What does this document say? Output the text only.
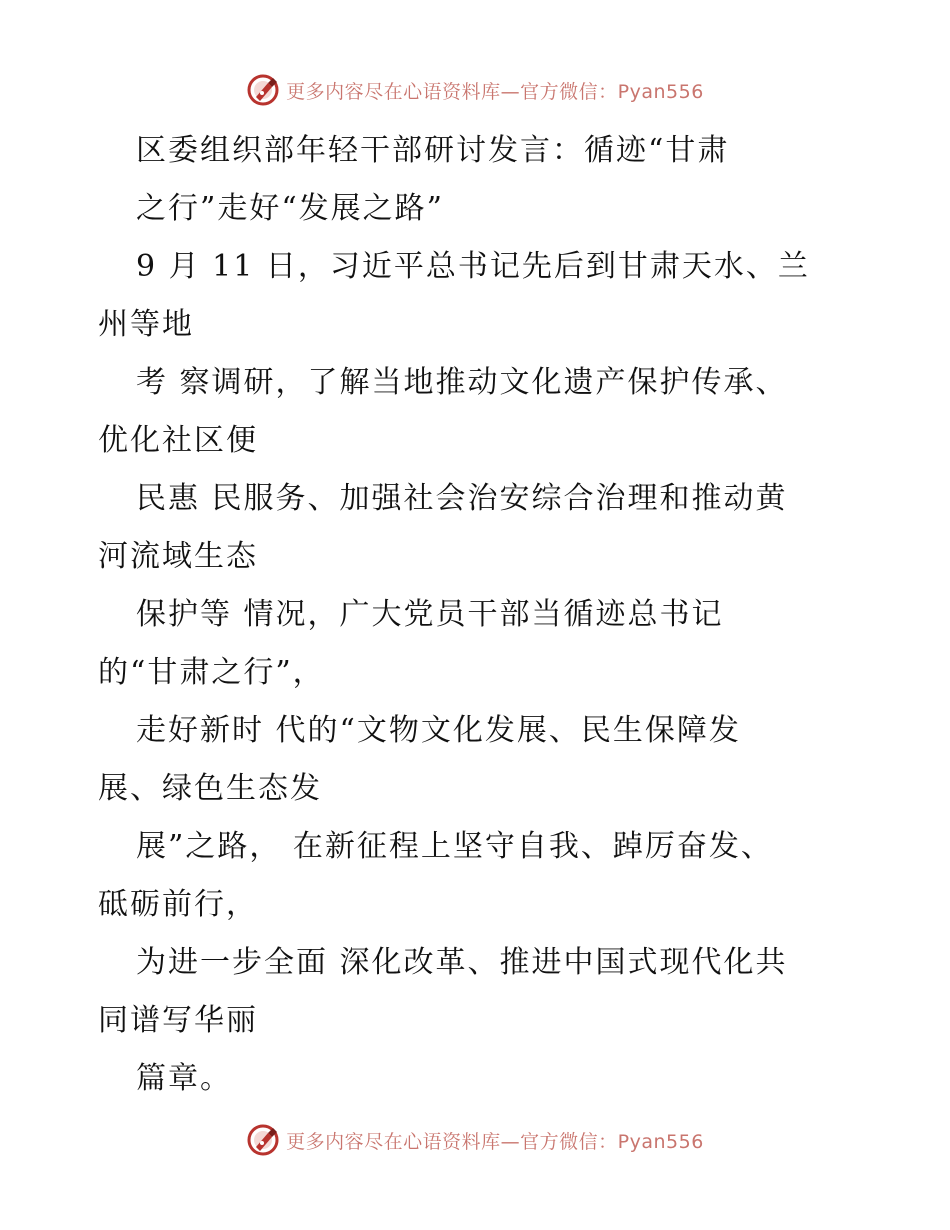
更多内容尽在心语资料库—官方微信：Pyan556
区委组织部年轻干部研讨发言：循迹“甘肃
之行”走好“发展之路”
9 月 11 日，习近平总书记先后到甘肃天水、兰
州等地
考 察调研，了解当地推动文化遗产保护传承、
优化社区便
民惠 民服务、加强社会治安综合治理和推动黄
河流域生态
保护等 情况，广大党员干部当循迹总书记
的“甘肃之行”，
走好新时 代的“文物文化发展、民生保障发
展、绿色生态发
展”之路， 在新征程上坚守自我、踔厉奋发、
砥砺前行，
为进一步全面 深化改革、推进中国式现代化共
同谱写华丽
篇章。
更多内容尽在心语资料库—官方微信：Pyan556
